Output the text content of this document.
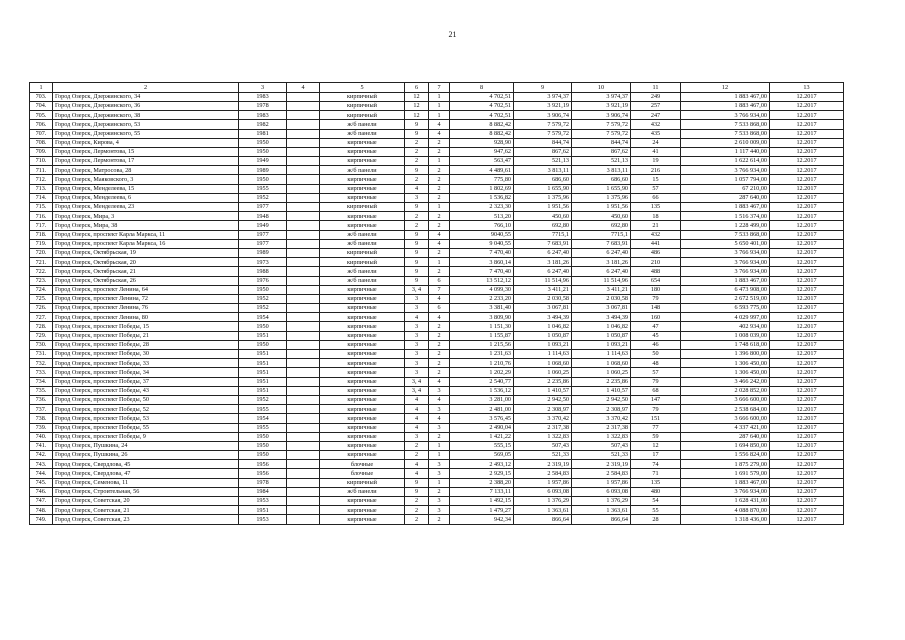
21
1	2	3	4	5	6	7	8	9	10	11	12	13
703.	Город Озерск, Дзержинского, 34	1983		кирпичный	12	1	4 702,51	3 974,37	3 974,37	249	1 883 467,00	12.2017
704.	Город Озерск, Дзержинского, 36	1978		кирпичный	12	1	4 702,51	3 921,19	3 921,19	257	1 883 467,00	12.2017
705.	Город Озерск, Дзержинского, 38	1983		кирпичный	12	1	4 702,51	3 906,74	3 906,74	247	3 766 934,00	12.2017
706.	Город Озерск, Дзержинского, 53	1982		ж/б панели	9	4	8 882,42	7 579,72	7 579,72	432	7 533 868,00	12.2017
707.	Город Озерск, Дзержинского, 55	1981		ж/б панели	9	4	8 882,42	7 579,72	7 579,72	435	7 533 868,00	12.2017
708.	Город Озерск, Кирова, 4	1950		кирпичные	2	2	928,90	844,74	844,74	24	2 610 009,00	12.2017
709.	Город Озерск, Лермонтова, 15	1950		кирпичные	2	2	947,62	867,62	867,62	41	1 117 440,00	12.2017
710.	Город Озерск, Лермонтова, 17	1949		кирпичные	2	1	563,47	521,13	521,13	19	1 622 614,00	12.2017
711.	Город Озерск, Матросова, 28	1989		ж/б панели	9	2	4 489,61	3 813,11	3 813,11	216	3 766 934,00	12.2017
712.	Город Озерск, Маяковского, 3	1950		кирпичные	2	2	775,80	686,60	686,60	15	1 057 794,00	12.2017
713.	Город Озерск, Менделеева, 15	1955		кирпичные	4	2	1 802,69	1 655,90	1 655,90	57	67 210,00	12.2017
714.	Город Озерск, Менделеева, 6	1952		кирпичные	3	2	1 536,82	1 375,96	1 375,96	66	287 640,00	12.2017
715.	Город Озерск, Менделеева, 23	1977		кирпичный	9	1	2 323,30	1 951,56	1 951,56	135	1 883 467,00	12.2017
716.	Город Озерск, Мира, 3	1948		кирпичные	2	2	513,20	450,60	450,60	18	1 516 374,00	12.2017
717.	Город Озерск, Мира, 38	1949		кирпичные	2	2	766,10	692,80	692,80	21	1 228 499,00	12.2017
718.	Город Озерск, проспект Карла Маркса, 11	1977		ж/б панели	9	4	9040,55	7715,1	7715,1	432	7 533 868,00	12.2017
719.	Город Озерск, проспект Карла Маркса, 16	1977		ж/б панели	9	4	9 040,55	7 683,91	7 683,91	441	5 650 401,00	12.2017
720.	Город Озерск, Октябрьская, 19	1989		кирпичный	9	2	7 470,40	6 247,40	6 247,40	486	3 766 934,00	12.2017
721.	Город Озерск, Октябрьская, 20	1973		кирпичный	9	1	3 860,14	3 181,26	3 181,26	210	3 766 934,00	12.2017
722.	Город Озерск, Октябрьская, 21	1988		ж/б панели	9	2	7 470,40	6 247,40	6 247,40	488	3 766 934,00	12.2017
723.	Город Озерск, Октябрьская, 26	1976		ж/б панели	9	6	13 512,12	11 514,96	11 514,96	654	1 883 467,00	12.2017
724.	Город Озерск, проспект Ленина, 64	1950		кирпичные	3, 4	7	4 099,30	3 411,21	3 411,21	180	6 473 908,00	12.2017
725.	Город Озерск, проспект Ленина, 72	1952		кирпичные	3	4	2 233,20	2 030,58	2 030,58	79	2 672 519,00	12.2017
726.	Город Озерск, проспект Ленина, 76	1952		кирпичные	3	6	3 381,40	3 067,81	3 067,81	148	6 593 775,00	12.2017
727.	Город Озерск, проспект Ленина, 80	1954		кирпичные	4	4	3 809,90	3 494,39	3 494,39	160	4 029 997,00	12.2017
728.	Город Озерск, проспект Победы, 15	1950		кирпичные	3	2	1 151,30	1 046,82	1 046,82	47	402 934,00	12.2017
729.	Город Озерск, проспект Победы, 21	1951		кирпичные	3	2	1 155,87	1 050,87	1 050,87	45	1 008 039,00	12.2017
730.	Город Озерск, проспект Победы, 28	1950		кирпичные	3	2	1 215,56	1 093,21	1 093,21	46	1 748 618,00	12.2017
731.	Город Озерск, проспект Победы, 30	1951		кирпичные	3	2	1 231,63	1 114,63	1 114,63	50	1 396 800,00	12.2017
732.	Город Озерск, проспект Победы, 33	1951		кирпичные	3	2	1 210,76	1 068,60	1 068,60	48	1 306 450,00	12.2017
733.	Город Озерск, проспект Победы, 34	1951		кирпичные	3	2	1 202,29	1 060,25	1 060,25	57	1 306 450,00	12.2017
734.	Город Озерск, проспект Победы, 37	1951		кирпичные	3, 4	4	2 540,77	2 235,86	2 235,86	79	3 466 242,00	12.2017
735.	Город Озерск, проспект Победы, 43	1951		кирпичные	3, 4	3	1 536,12	1 410,57	1 410,57	68	2 028 852,00	12.2017
736.	Город Озерск, проспект Победы, 50	1952		кирпичные	4	4	3 281,00	2 942,50	2 942,50	147	3 666 600,00	12.2017
737.	Город Озерск, проспект Победы, 52	1955		кирпичные	4	3	2 481,00	2 308,97	2 308,97	79	2 538 684,00	12.2017
738.	Город Озерск, проспект Победы, 53	1954		кирпичные	4	4	3 576,45	3 370,42	3 370,42	151	3 666 600,00	12.2017
739.	Город Озерск, проспект Победы, 55	1955		кирпичные	4	3	2 490,04	2 317,38	2 317,38	77	4 337 421,00	12.2017
740.	Город Озерск, проспект Победы, 9	1950		кирпичные	3	2	1 421,22	1 322,83	1 322,83	59	287 640,00	12.2017
741.	Город Озерск, Пушкина, 24	1950		кирпичные	2	1	555,15	507,43	507,43	12	1 694 850,00	12.2017
742.	Город Озерск, Пушкина, 26	1950		кирпичные	2	1	569,05	521,33	521,33	17	1 556 824,00	12.2017
743.	Город Озерск, Свердлова, 45	1956		блочные	4	3	2 493,12	2 319,19	2 319,19	74	1 875 279,00	12.2017
744.	Город Озерск, Свердлова, 47	1956		блочные	4	3	2 929,15	2 584,83	2 584,83	71	1 691 579,00	12.2017
745.	Город Озерск, Семенова, 11	1978		кирпичный	9	1	2 388,20	1 957,86	1 957,86	135	1 883 467,00	12.2017
746.	Город Озерск, Строительная, 56	1984		ж/б панели	9	2	7 133,11	6 093,08	6 093,08	480	3 766 934,00	12.2017
747.	Город Озерск, Советская, 20	1953		кирпичные	2	3	1 492,15	1 376,29	1 376,29	54	1 628 431,00	12.2017
748.	Город Озерск, Советская, 21	1951		кирпичные	2	3	1 479,27	1 363,61	1 363,61	55	4 088 870,00	12.2017
749.	Город Озерск, Советская, 23	1953		кирпичные	2	2	942,34	866,64	866,64	28	1 318 436,00	12.2017
